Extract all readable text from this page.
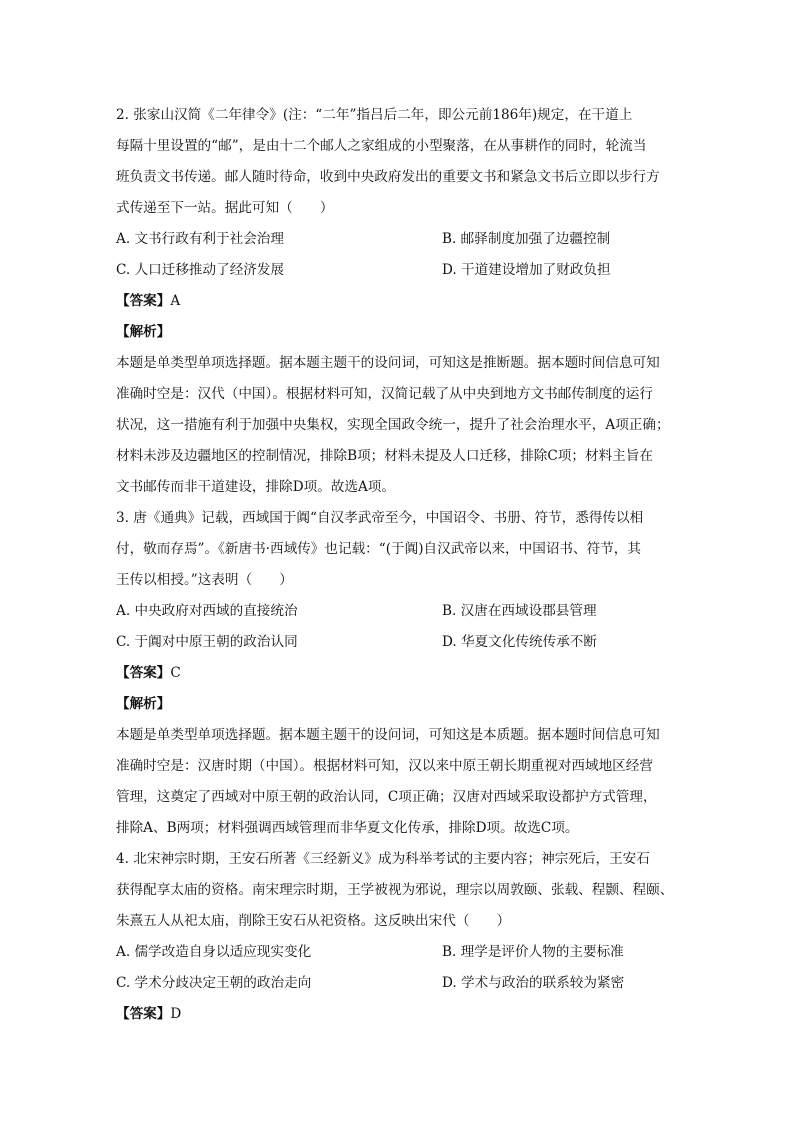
2. 张家山汉简《二年律令》(注：“二年”指吕后二年，即公元前186年)规定，在干道上
每隔十里设置的“邮”，是由十二个邮人之家组成的小型聚落，在从事耕作的同时，轮流当
班负责文书传递。邮人随时待命，收到中央政府发出的重要文书和紧急文书后立即以步行方
式传递至下一站。据此可知（　　）
A. 文书行政有利于社会治理	B. 邮驿制度加强了边疆控制
C. 人口迁移推动了经济发展	D. 干道建设增加了财政负担
【答案】A
【解析】
本题是单类型单项选择题。据本题主题干的设问词，可知这是推断题。据本题时间信息可知
准确时空是：汉代（中国）。根据材料可知，汉简记载了从中央到地方文书邮传制度的运行
状况，这一措施有利于加强中央集权，实现全国政令统一，提升了社会治理水平，A项正确；
材料未涉及边疆地区的控制情况，排除B项；材料未提及人口迁移，排除C项；材料主旨在
文书邮传而非干道建设，排除D项。故选A项。
3. 唐《通典》记载，西域国于阗“自汉孝武帝至今，中国诏令、书册、符节，悉得传以相
付，敬而存焉”。《新唐书·西域传》也记载：“(于阗)自汉武帝以来，中国诏书、符节，其
王传以相授。”这表明（　　）
A. 中央政府对西域的直接统治	B. 汉唐在西域设郡县管理
C. 于阗对中原王朝的政治认同	D. 华夏文化传统传承不断
【答案】C
【解析】
本题是单类型单项选择题。据本题主题干的设问词，可知这是本质题。据本题时间信息可知
准确时空是：汉唐时期（中国）。根据材料可知，汉以来中原王朝长期重视对西域地区经营
管理，这奠定了西域对中原王朝的政治认同，C项正确；汉唐对西域采取设都护方式管理，
排除A、B两项；材料强调西域管理而非华夏文化传承，排除D项。故选C项。
4. 北宋神宗时期，王安石所著《三经新义》成为科举考试的主要内容；神宗死后，王安石
获得配享太庙的资格。南宋理宗时期，王学被视为邪说，理宗以周敦颐、张载、程颢、程颐、
朱熹五人从祀太庙，削除王安石从祀资格。这反映出宋代（　　）
A. 儒学改造自身以适应现实变化	B. 理学是评价人物的主要标准
C. 学术分歧决定王朝的政治走向	D. 学术与政治的联系较为紧密
【答案】D
